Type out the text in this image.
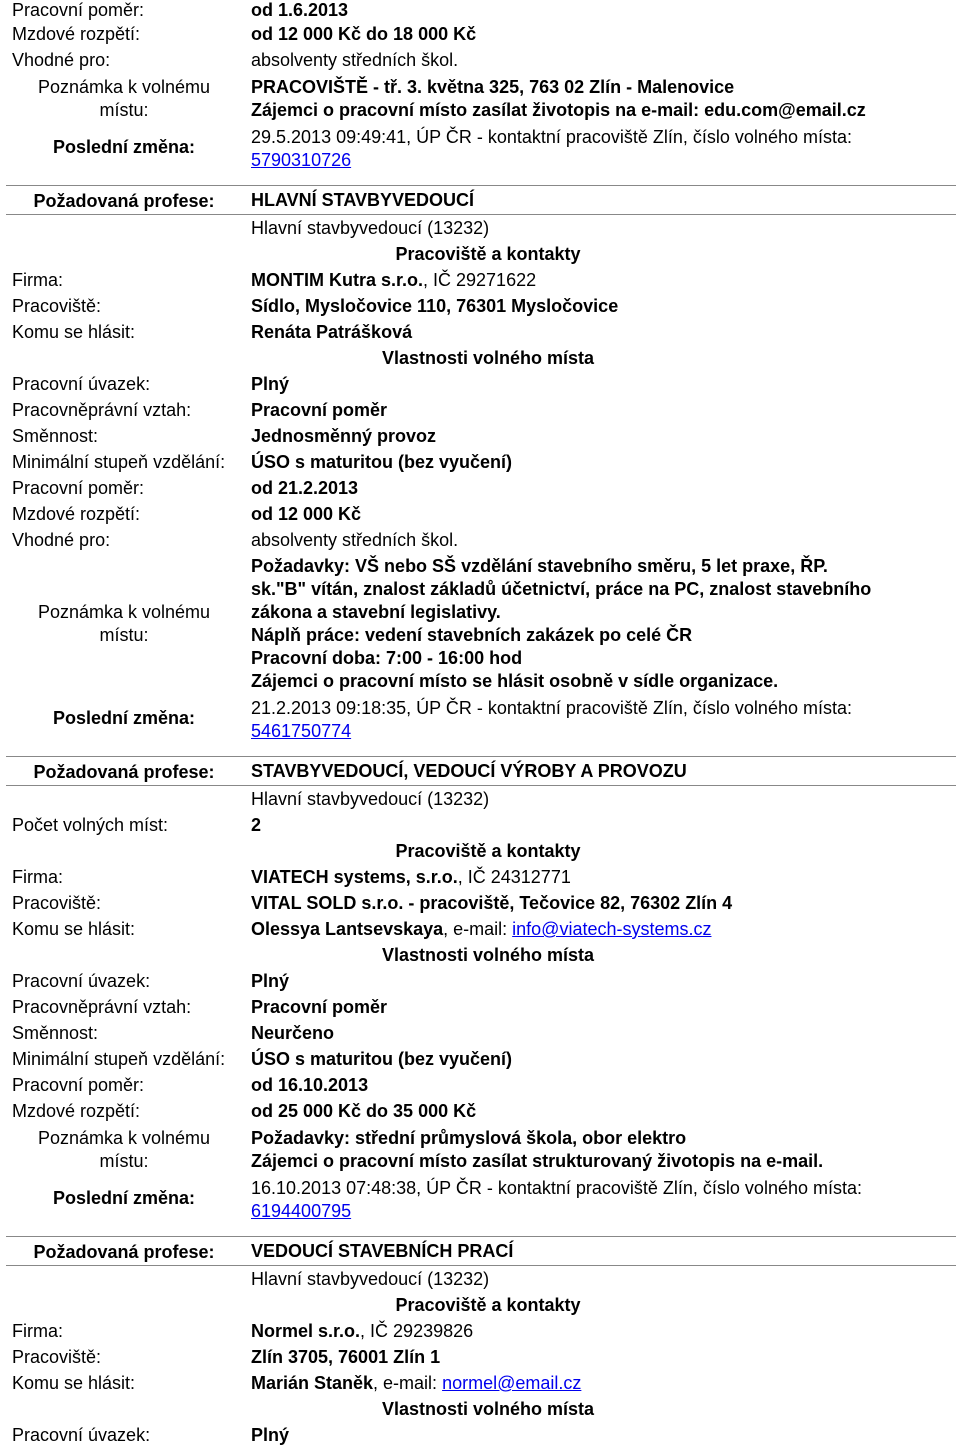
Pracovní poměr:	od 1.6.2013
Mzdové rozpětí:	od 12 000 Kč do 18 000 Kč
Vhodné pro:	absolventy středních škol.
Poznámka k volnému
místu:
PRACOVIŠTĚ - tř. 3. května 325, 763 02 Zlín - Malenovice
Zájemci o pracovní místo zasílat životopis na e-mail: edu.com@email.cz
Poslední změna:	29.5.2013 09:49:41, ÚP ČR - kontaktní pracoviště Zlín, číslo volného místa:
5790310726
Požadovaná profese:	HLAVNÍ STAVBYVEDOUCÍ
Hlavní stavbyvedoucí (13232)
Pracoviště a kontakty
Firma:	MONTIM Kutra s.r.o., IČ 29271622
Pracoviště:	Sídlo, Mysločovice 110, 76301 Mysločovice
Komu se hlásit:	Renáta Patrášková
Vlastnosti volného místa
Pracovní úvazek:	Plný
Pracovněprávní vztah:	Pracovní poměr
Směnnost:	Jednosměnný provoz
Minimální stupeň vzdělání: ÚSO s maturitou (bez vyučení)
Pracovní poměr:	od 21.2.2013
Mzdové rozpětí:	od 12 000 Kč
Vhodné pro:	absolventy středních škol.
Poznámka k volnému
místu:
Požadavky: VŠ nebo SŠ vzdělání stavebního směru, 5 let praxe, ŘP.
sk."B" vítán, znalost základů účetnictví, práce na PC, znalost stavebního
zákona a stavební legislativy.
Náplň práce: vedení stavebních zakázek po celé ČR
Pracovní doba: 7:00 - 16:00 hod
Zájemci o pracovní místo se hlásit osobně v sídle organizace.
Poslední změna:	21.2.2013 09:18:35, ÚP ČR - kontaktní pracoviště Zlín, číslo volného místa:
5461750774
Požadovaná profese:	STAVBYVEDOUCÍ, VEDOUCÍ VÝROBY A PROVOZU
Hlavní stavbyvedoucí (13232)
Počet volných míst:	2
Pracoviště a kontakty
Firma:	VIATECH systems, s.r.o., IČ 24312771
Pracoviště:	VITAL SOLD s.r.o. - pracoviště, Tečovice 82, 76302 Zlín 4
Komu se hlásit:	Olessya Lantsevskaya, e-mail: info@viatech-systems.cz
Vlastnosti volného místa
Pracovní úvazek:	Plný
Pracovněprávní vztah:	Pracovní poměr
Směnnost:	Neurčeno
Minimální stupeň vzdělání: ÚSO s maturitou (bez vyučení)
Pracovní poměr:	od 16.10.2013
Mzdové rozpětí:	od 25 000 Kč do 35 000 Kč
Poznámka k volnému
místu:
Požadavky: střední průmyslová škola, obor elektro
Zájemci o pracovní místo zasílat strukturovaný životopis na e-mail.
Poslední změna:	16.10.2013 07:48:38, ÚP ČR - kontaktní pracoviště Zlín, číslo volného místa:
6194400795
Požadovaná profese:	VEDOUCÍ STAVEBNÍCH PRACÍ
Hlavní stavbyvedoucí (13232)
Pracoviště a kontakty
Firma:	Normel s.r.o., IČ 29239826
Pracoviště:	Zlín 3705, 76001 Zlín 1
Komu se hlásit:	Marián Staněk, e-mail: normel@email.cz
Vlastnosti volného místa
Pracovní úvazek:	Plný
